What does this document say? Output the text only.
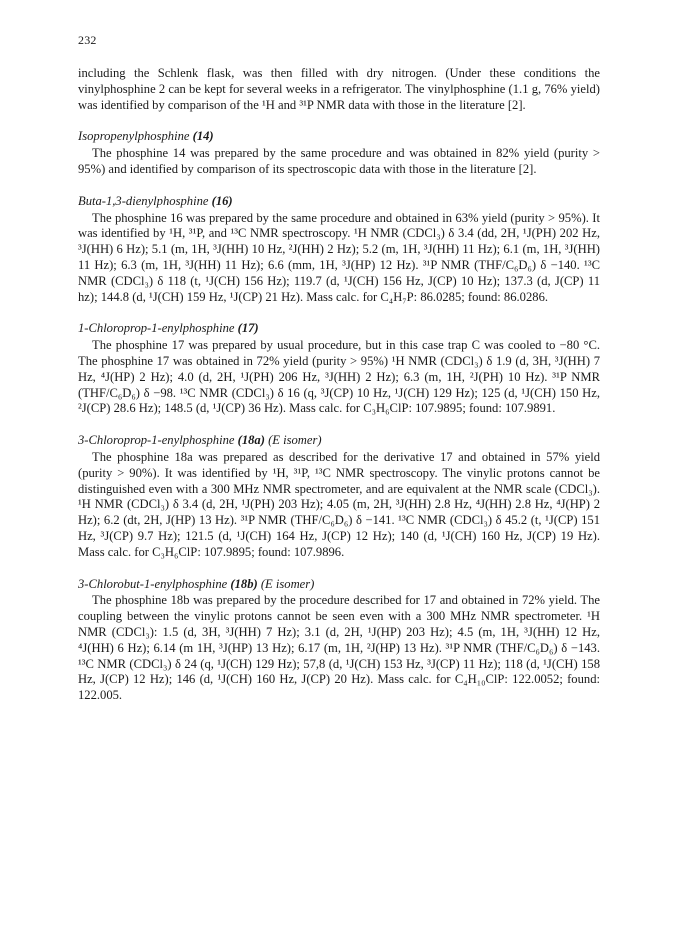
232

including the Schlenk flask, was then filled with dry nitrogen. (Under these conditions the vinylphosphine 2 can be kept for several weeks in a refrigerator. The vinylphosphine (1.1 g, 76% yield) was identified by comparison of the ¹H and ³¹P NMR data with those in the literature [2].

Isopropenylphosphine (14)

The phosphine 14 was prepared by the same procedure and was obtained in 82% yield (purity > 95%) and identified by comparison of its spectroscopic data with those in the literature [2].

Buta-1,3-dienylphosphine (16)

The phosphine 16 was prepared by the same procedure and obtained in 63% yield (purity > 95%). It was identified by ¹H, ³¹P, and ¹³C NMR spectroscopy. ¹H NMR (CDCl₃) δ 3.4 (dd, 2H, ¹J(PH) 202 Hz, ³J(HH) 6 Hz); 5.1 (m, 1H, ³J(HH) 10 Hz, ²J(HH) 2 Hz); 5.2 (m, 1H, ³J(HH) 11 Hz); 6.1 (m, 1H, ³J(HH) 11 Hz); 6.3 (m, 1H, ³J(HH) 11 Hz); 6.6 (mm, 1H, ³J(HP) 12 Hz). ³¹P NMR (THF/C₆D₆) δ −140. ¹³C NMR (CDCl₃) δ 118 (t, ¹J(CH) 156 Hz); 119.7 (d, ¹J(CH) 156 Hz, J(CP) 10 Hz); 137.3 (d, J(CP) 11 hz); 144.8 (d, ¹J(CH) 159 Hz, ¹J(CP) 21 Hz). Mass calc. for C₄H₇P: 86.0285; found: 86.0286.

1-Chloroprop-1-enylphosphine (17)

The phosphine 17 was prepared by usual procedure, but in this case trap C was cooled to −80 °C. The phosphine 17 was obtained in 72% yield (purity > 95%) ¹H NMR (CDCl₃) δ 1.9 (d, 3H, ³J(HH) 7 Hz, ⁴J(HP) 2 Hz); 4.0 (d, 2H, ¹J(PH) 206 Hz, ³J(HH) 2 Hz); 6.3 (m, 1H, ²J(PH) 10 Hz). ³¹P NMR (THF/C₆D₆) δ −98. ¹³C NMR (CDCl₃) δ 16 (q, ³J(CP) 10 Hz, ¹J(CH) 129 Hz); 125 (d, ¹J(CH) 150 Hz, ²J(CP) 28.6 Hz); 148.5 (d, ¹J(CP) 36 Hz). Mass calc. for C₃H₆ClP: 107.9895; found: 107.9891.

3-Chloroprop-1-enylphosphine (18a) (E isomer)

The phosphine 18a was prepared as described for the derivative 17 and obtained in 57% yield (purity > 90%). It was identified by ¹H, ³¹P, ¹³C NMR spectroscopy. The vinylic protons cannot be distinguished even with a 300 MHz NMR spectrometer, and are equivalent at the NMR scale (CDCl₃). ¹H NMR (CDCl₃) δ 3.4 (d, 2H, ¹J(PH) 203 Hz); 4.05 (m, 2H, ³J(HH) 2.8 Hz, ⁴J(HH) 2.8 Hz, ⁴J(HP) 2 Hz); 6.2 (dt, 2H, J(HP) 13 Hz). ³¹P NMR (THF/C₆D₆) δ −141. ¹³C NMR (CDCl₃) δ 45.2 (t, ¹J(CP) 151 Hz, ³J(CP) 9.7 Hz); 121.5 (d, ¹J(CH) 164 Hz, J(CP) 12 Hz); 140 (d, ¹J(CH) 160 Hz, J(CP) 19 Hz). Mass calc. for C₃H₆ClP: 107.9895; found: 107.9896.

3-Chlorobut-1-enylphosphine (18b) (E isomer)

The phosphine 18b was prepared by the procedure described for 17 and obtained in 72% yield. The coupling between the vinylic protons cannot be seen even with a 300 MHz NMR spectrometer. ¹H NMR (CDCl₃): 1.5 (d, 3H, ³J(HH) 7 Hz); 3.1 (d, 2H, ¹J(HP) 203 Hz); 4.5 (m, 1H, ³J(HH) 12 Hz, ⁴J(HH) 6 Hz); 6.14 (m 1H, ³J(HP) 13 Hz); 6.17 (m, 1H, ²J(HP) 13 Hz). ³¹P NMR (THF/C₆D₆) δ −143. ¹³C NMR (CDCl₃) δ 24 (q, ¹J(CH) 129 Hz); 57,8 (d, ¹J(CH) 153 Hz, ³J(CP) 11 Hz); 118 (d, ¹J(CH) 158 Hz, J(CP) 12 Hz); 146 (d, ¹J(CH) 160 Hz, J(CP) 20 Hz). Mass calc. for C₄H₁₀ClP: 122.0052; found: 122.005.
